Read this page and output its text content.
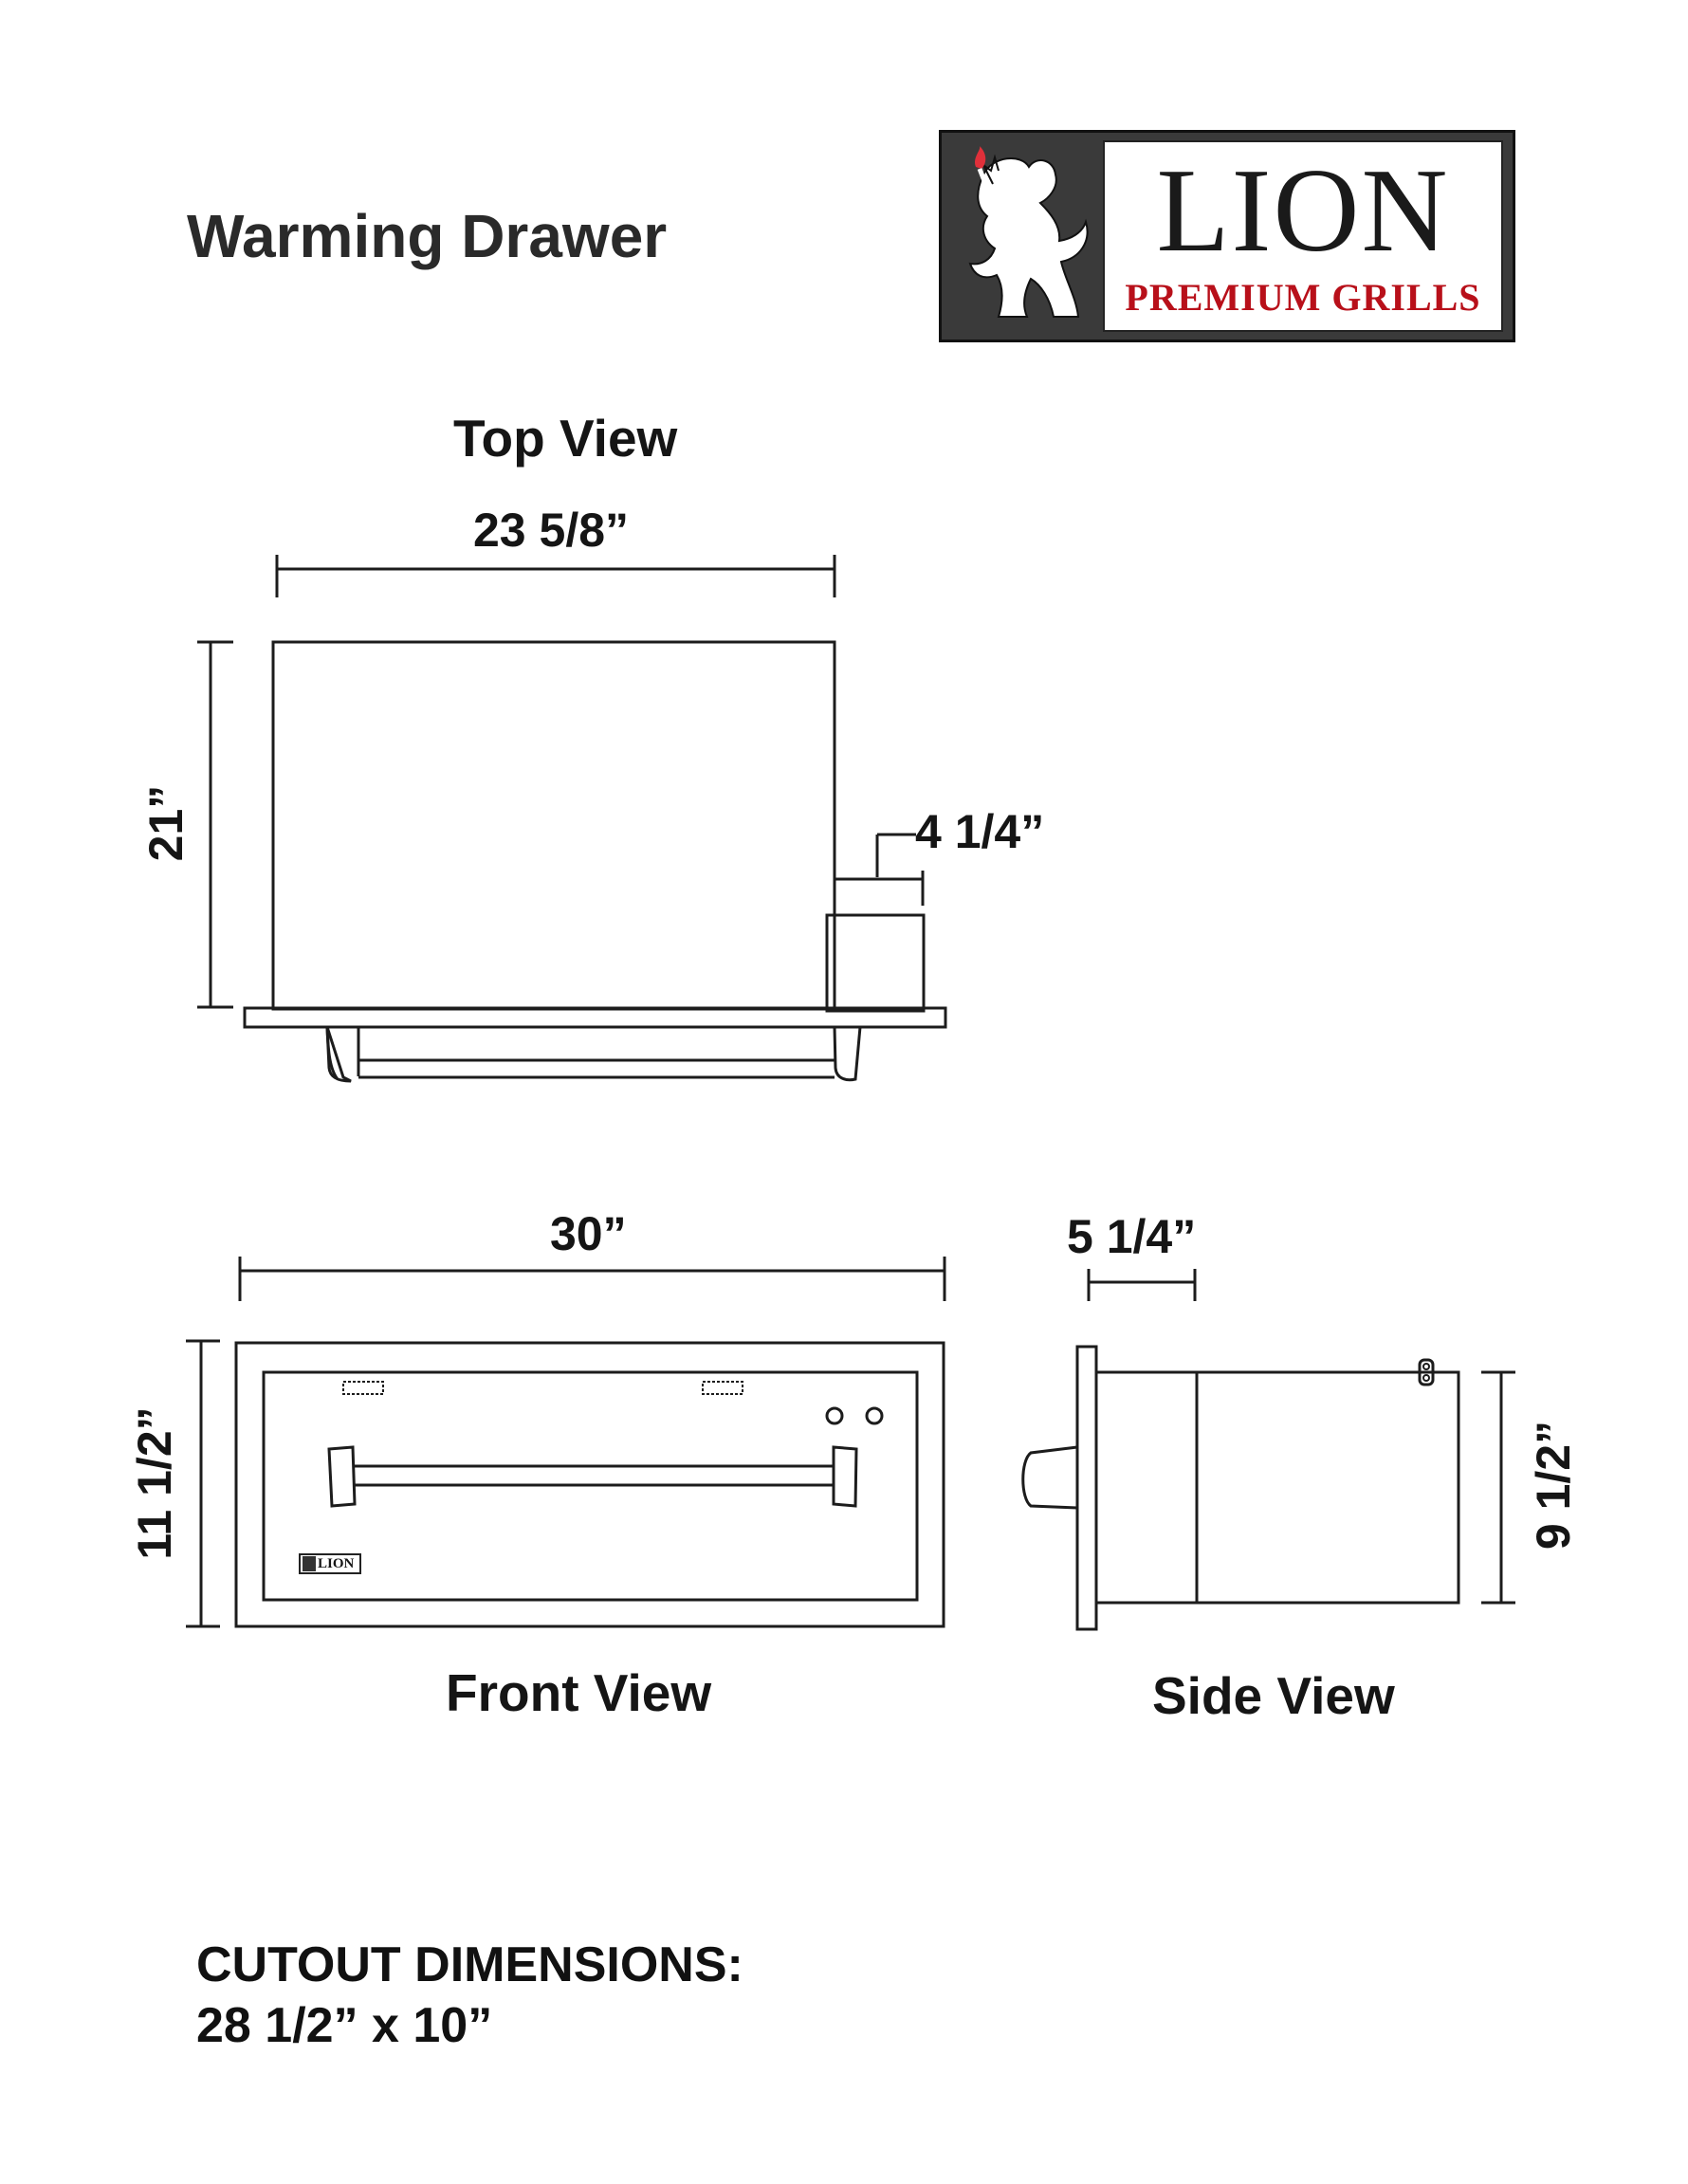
Warming Drawer	LION
PREMIUM GRILLS
LION
Top View
23 5/8”
21”	4 1/4”
30”
11 1/2”
Front View
5 1/4”
9 1/2”
Side View
CUTOUT DIMENSIONS:
28 1/2” x 10”
